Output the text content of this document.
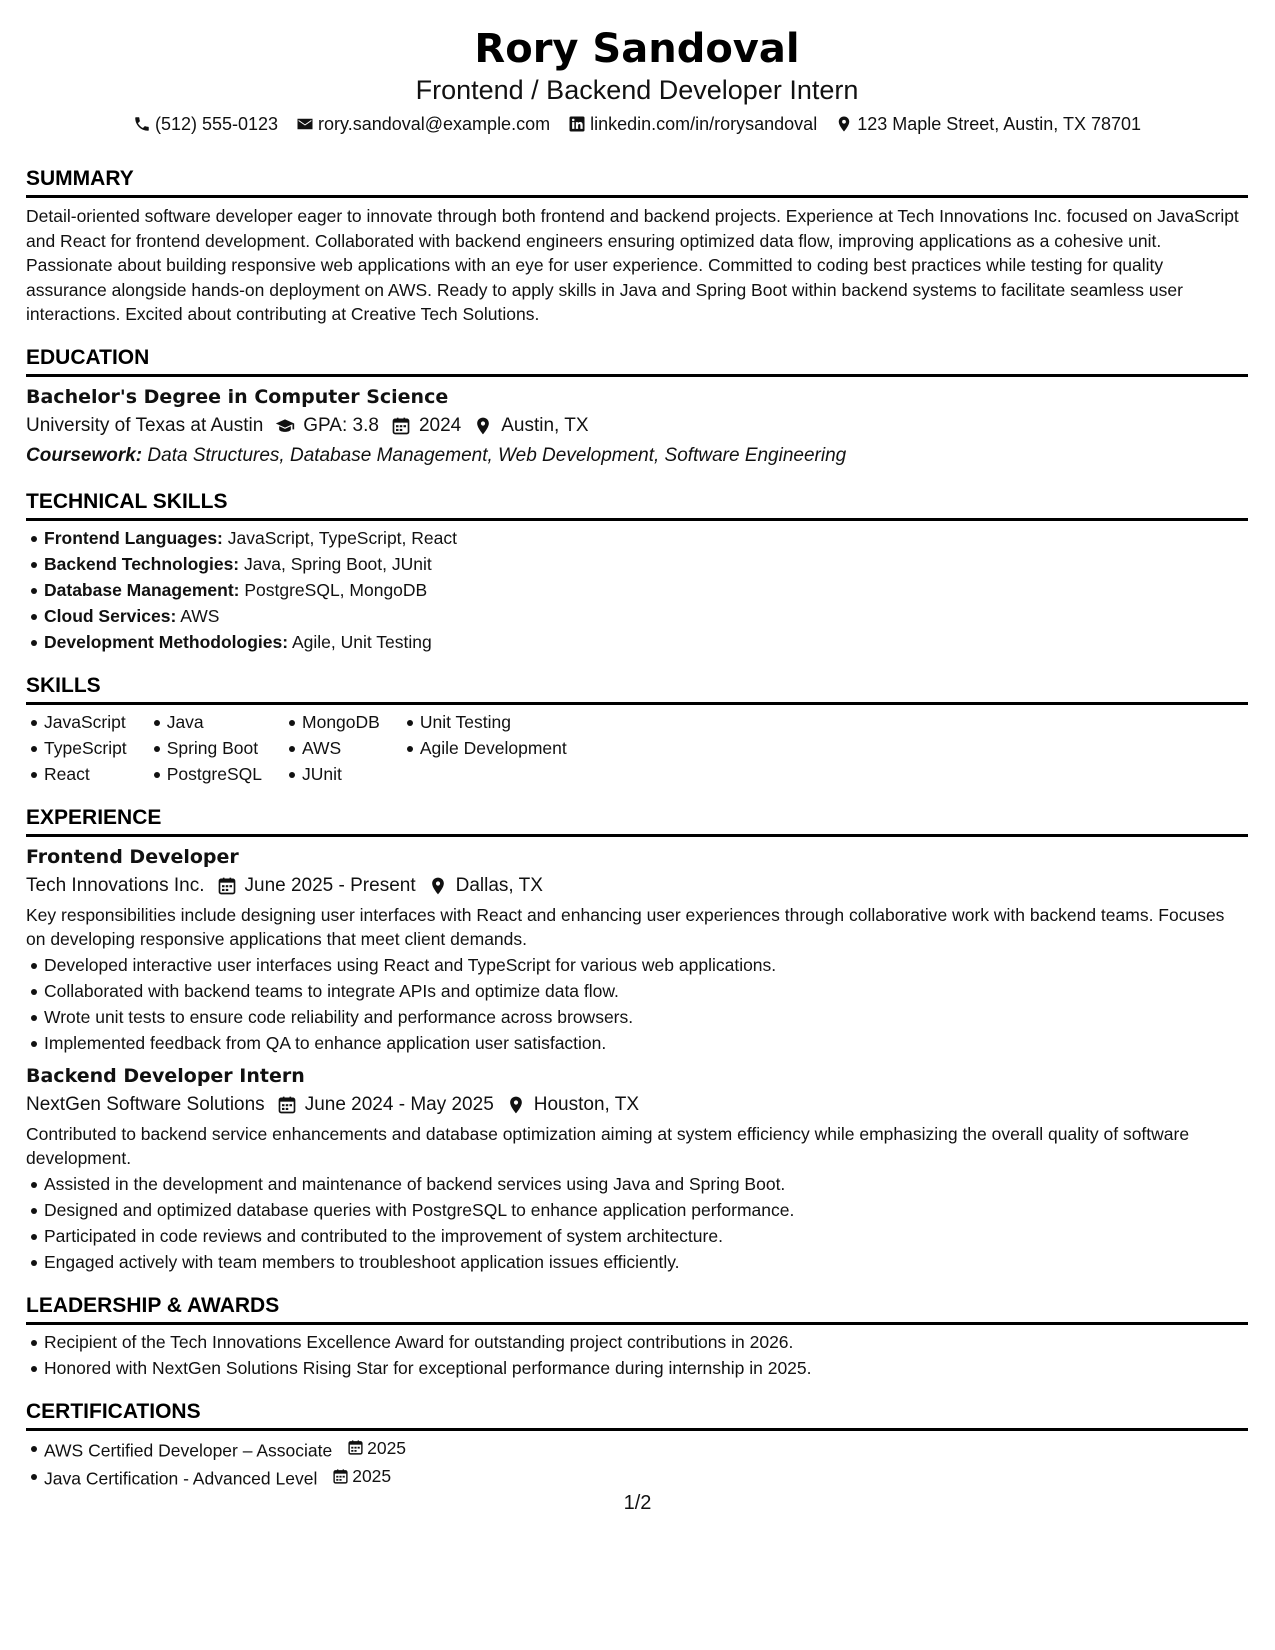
Rory Sandoval
Frontend / Backend Developer Intern
(512) 555-0123 rory.sandoval@example.com linkedin.com/in/rorysandoval 123 Maple Street, Austin, TX 78701
SUMMARY
Detail-oriented software developer eager to innovate through both frontend and backend projects. Experience at Tech Innovations Inc. focused on JavaScript and React for frontend development. Collaborated with backend engineers ensuring optimized data flow, improving applications as a cohesive unit. Passionate about building responsive web applications with an eye for user experience. Committed to coding best practices while testing for quality assurance alongside hands-on deployment on AWS. Ready to apply skills in Java and Spring Boot within backend systems to facilitate seamless user interactions. Excited about contributing at Creative Tech Solutions.
EDUCATION
Bachelor's Degree in Computer Science
University of Texas at Austin GPA: 3.8 2024 Austin, TX
Coursework: Data Structures, Database Management, Web Development, Software Engineering
TECHNICAL SKILLS
Frontend Languages: JavaScript, TypeScript, React
Backend Technologies: Java, Spring Boot, JUnit
Database Management: PostgreSQL, MongoDB
Cloud Services: AWS
Development Methodologies: Agile, Unit Testing
SKILLS
JavaScript
TypeScript
React
Java
Spring Boot
PostgreSQL
MongoDB
AWS
JUnit
Unit Testing
Agile Development
EXPERIENCE
Frontend Developer
Tech Innovations Inc. June 2025 - Present Dallas, TX
Key responsibilities include designing user interfaces with React and enhancing user experiences through collaborative work with backend teams. Focuses on developing responsive applications that meet client demands.
Developed interactive user interfaces using React and TypeScript for various web applications.
Collaborated with backend teams to integrate APIs and optimize data flow.
Wrote unit tests to ensure code reliability and performance across browsers.
Implemented feedback from QA to enhance application user satisfaction.
Backend Developer Intern
NextGen Software Solutions June 2024 - May 2025 Houston, TX
Contributed to backend service enhancements and database optimization aiming at system efficiency while emphasizing the overall quality of software development.
Assisted in the development and maintenance of backend services using Java and Spring Boot.
Designed and optimized database queries with PostgreSQL to enhance application performance.
Participated in code reviews and contributed to the improvement of system architecture.
Engaged actively with team members to troubleshoot application issues efficiently.
LEADERSHIP & AWARDS
Recipient of the Tech Innovations Excellence Award for outstanding project contributions in 2026.
Honored with NextGen Solutions Rising Star for exceptional performance during internship in 2025.
CERTIFICATIONS
AWS Certified Developer – Associate 2025
Java Certification - Advanced Level 2025
1/2
